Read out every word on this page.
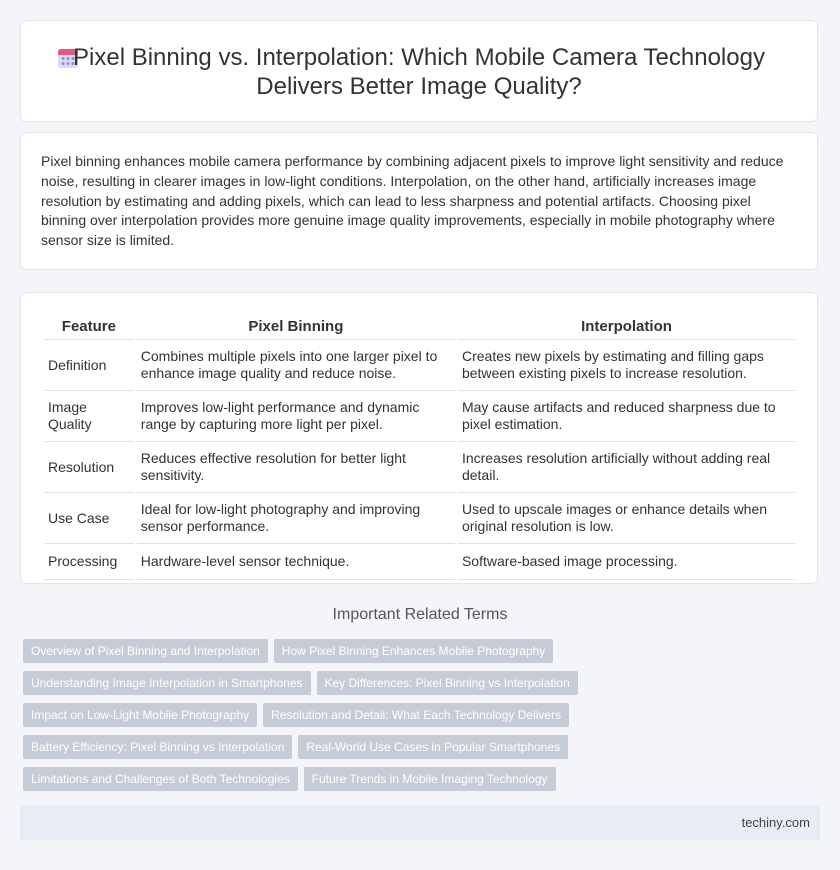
Pixel Binning vs. Interpolation: Which Mobile Camera Technology
Delivers Better Image Quality?

Pixel binning enhances mobile camera performance by combining adjacent pixels to improve light sensitivity and reduce noise, resulting in clearer images in low-light conditions. Interpolation, on the other hand, artificially increases image resolution by estimating and adding pixels, which can lead to less sharpness and potential artifacts. Choosing pixel binning over interpolation provides more genuine image quality improvements, especially in mobile photography where sensor size is limited.

Feature	Pixel Binning	Interpolation
Definition	Combines multiple pixels into one larger pixel to enhance image quality and reduce noise.	Creates new pixels by estimating and filling gaps between existing pixels to increase resolution.
Image Quality	Improves low-light performance and dynamic range by capturing more light per pixel.	May cause artifacts and reduced sharpness due to pixel estimation.
Resolution	Reduces effective resolution for better light sensitivity.	Increases resolution artificially without adding real detail.
Use Case	Ideal for low-light photography and improving sensor performance.	Used to upscale images or enhance details when original resolution is low.
Processing	Hardware-level sensor technique.	Software-based image processing.
Important Related Terms
Overview of Pixel Binning and Interpolation How Pixel Binning Enhances Mobile Photography
Understanding Image Interpolation in Smartphones Key Differences: Pixel Binning vs Interpolation
Impact on Low-Light Mobile Photography Resolution and Detail: What Each Technology Delivers
Battery Efficiency: Pixel Binning vs Interpolation Real-World Use Cases in Popular Smartphones
Limitations and Challenges of Both Technologies Future Trends in Mobile Imaging Technology
techiny.com
